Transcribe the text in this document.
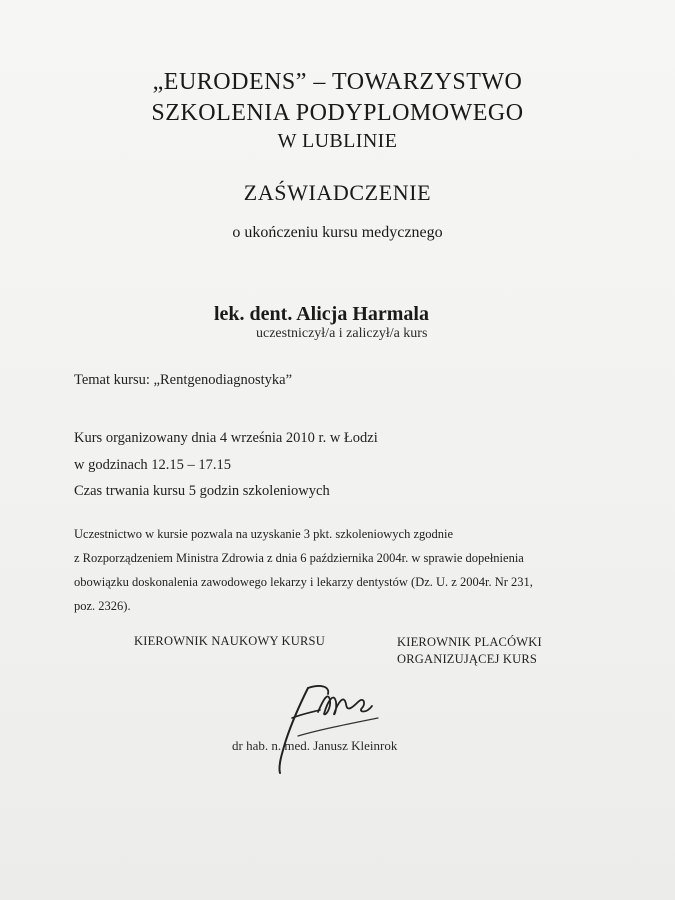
„EURODENS” – TOWARZYSTWO

SZKOLENIA PODYPLOMOWEGO

W LUBLINIE

ZAŚWIADCZENIE

o ukończeniu kursu medycznego

lek. dent. Alicja Harmala

uczestniczył/a i zaliczył/a kurs

Temat kursu: „Rentgenodiagnostyka”

Kurs organizowany dnia 4 września 2010 r. w Łodzi

w godzinach 12.15 – 17.15

Czas trwania kursu 5 godzin szkoleniowych

Uczestnictwo w kursie pozwala na uzyskanie 3 pkt. szkoleniowych zgodnie

z Rozporządzeniem Ministra Zdrowia z dnia 6 października 2004r. w sprawie dopełnienia

obowiązku doskonalenia zawodowego lekarzy i lekarzy dentystów (Dz. U. z 2004r. Nr 231,

poz. 2326).

KIEROWNIK NAUKOWY KURSU	KIEROWNIK PLACÓWKI

ORGANIZUJĄCEJ KURS

dr hab. n. med. Janusz Kleinrok
